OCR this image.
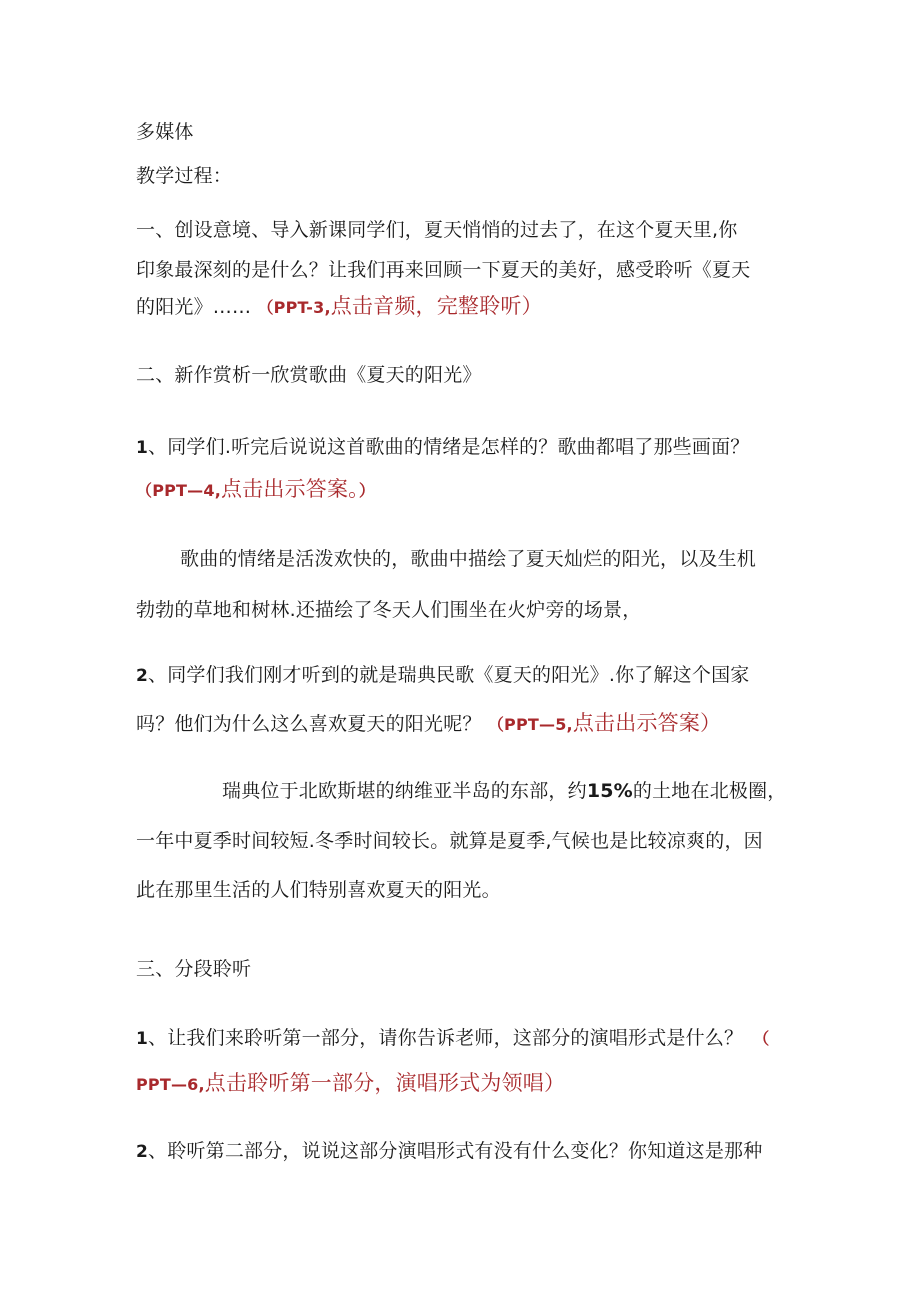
多媒体
教学过程：
一、创设意境、导入新课同学们，夏天悄悄的过去了，在这个夏天里,你
印象最深刻的是什么？让我们再来回顾一下夏天的美好，感受聆听《夏天
的阳光》…… （PPT-3,点击音频，完整聆听）
二、新作赏析一欣赏歌曲《夏天的阳光》
1、同学们.听完后说说这首歌曲的情绪是怎样的？歌曲都唱了那些画面？
（PPT—4,点击出示答案。）
歌曲的情绪是活泼欢快的，歌曲中描绘了夏天灿烂的阳光，以及生机
勃勃的草地和树林.还描绘了冬天人们围坐在火炉旁的场景，
2、同学们我们刚才听到的就是瑞典民歌《夏天的阳光》.你了解这个国家
吗？他们为什么这么喜欢夏天的阳光呢？ （PPT—5,点击出示答案）
瑞典位于北欧斯堪的纳维亚半岛的东部，约15%的土地在北极圈，
一年中夏季时间较短.冬季时间较长。就算是夏季,气候也是比较凉爽的，因
此在那里生活的人们特别喜欢夏天的阳光。
三、分段聆听
1、让我们来聆听第一部分，请你告诉老师，这部分的演唱形式是什么？ （
PPT—6,点击聆听第一部分，演唱形式为领唱）
2、聆听第二部分，说说这部分演唱形式有没有什么变化？你知道这是那种
